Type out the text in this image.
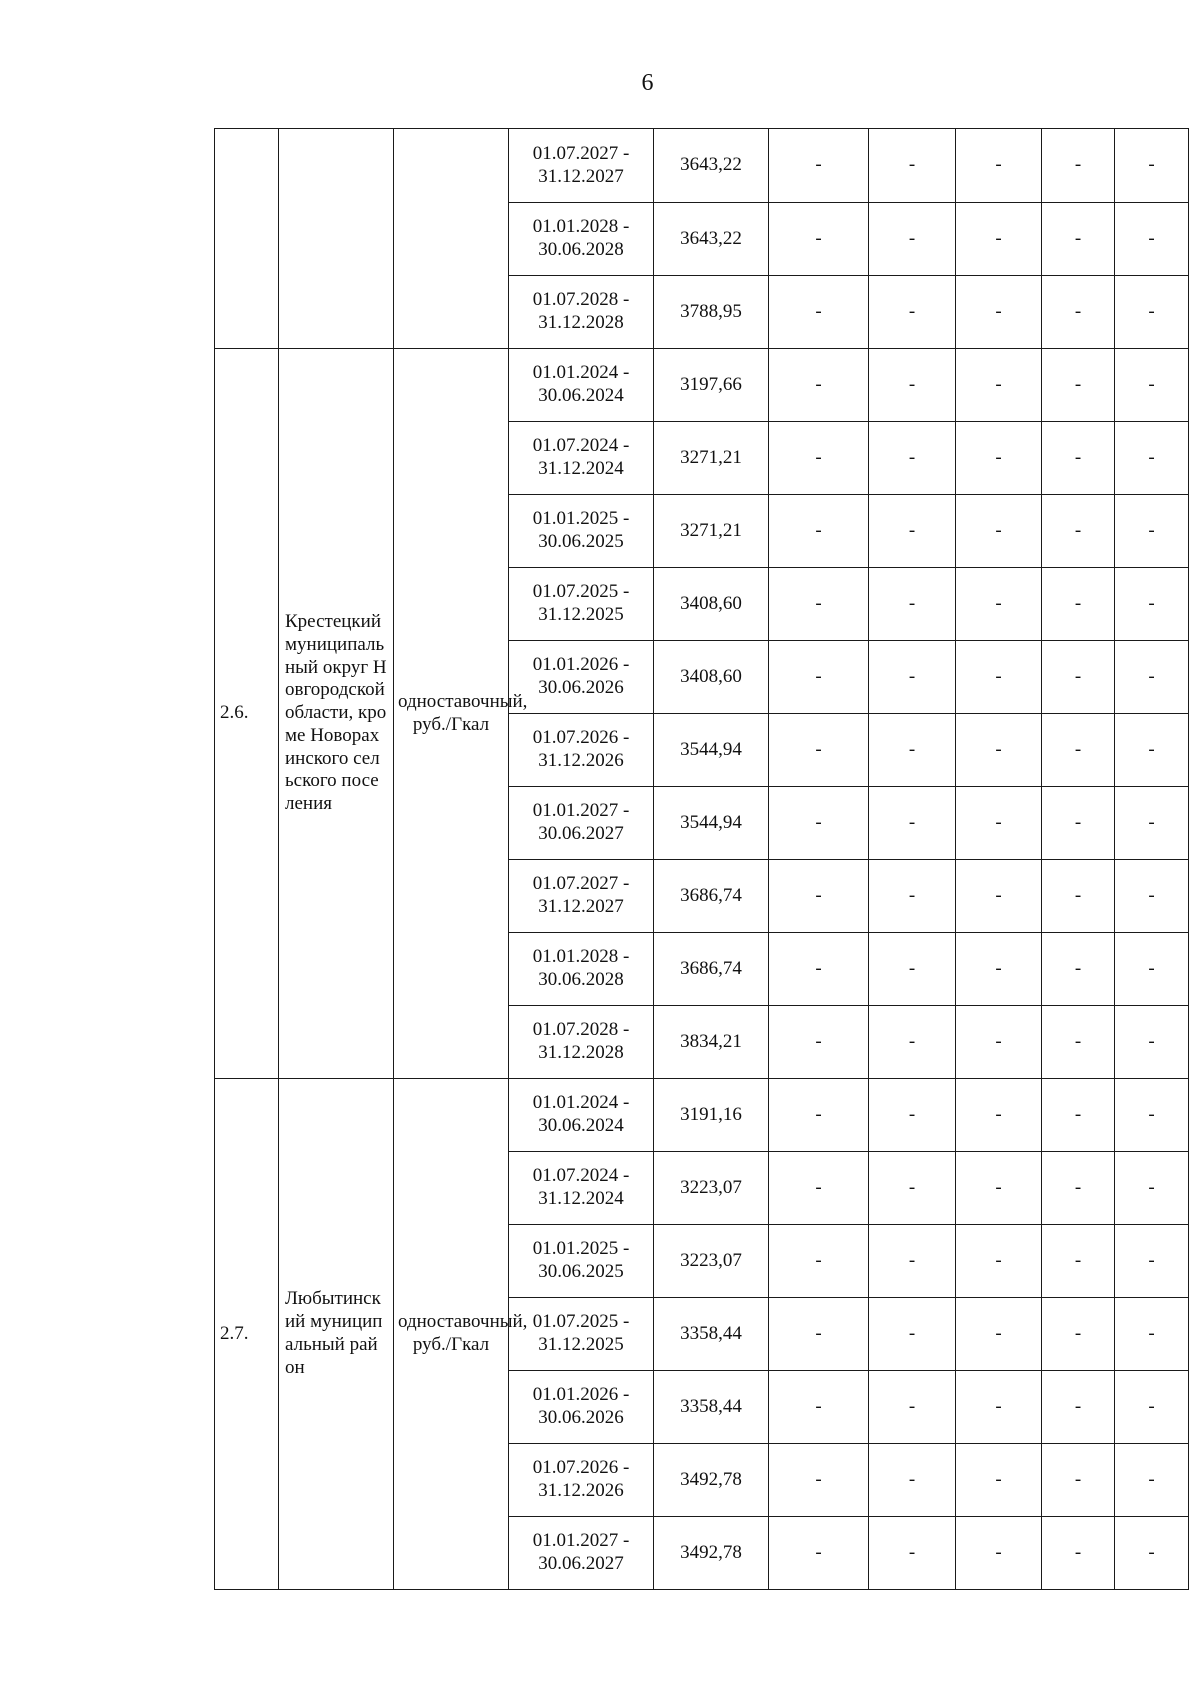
6

			01.07.2027 -
31.12.2027	3643,22	-	-	-	-	-

			01.01.2028 -
30.06.2028	3643,22	-	-	-	-	-

			01.07.2028 -
31.12.2028	3788,95	-	-	-	-	-
2.6.	Крестецкий муниципальный округ Новгородской области, кроме Новорахинского сельского поселения	одноставочный, руб./Гкал	01.01.2024 -
30.06.2024	3197,66	-	-	-	-	-

			01.07.2024 -
31.12.2024	3271,21	-	-	-	-	-

			01.01.2025 -
30.06.2025	3271,21	-	-	-	-	-

			01.07.2025 -
31.12.2025	3408,60	-	-	-	-	-

			01.01.2026 -
30.06.2026	3408,60	-	-	-	-	-

			01.07.2026 -
31.12.2026	3544,94	-	-	-	-	-

			01.01.2027 -
30.06.2027	3544,94	-	-	-	-	-

			01.07.2027 -
31.12.2027	3686,74	-	-	-	-	-

			01.01.2028 -
30.06.2028	3686,74	-	-	-	-	-

			01.07.2028 -
31.12.2028	3834,21	-	-	-	-	-
2.7.	Любытинский муниципальный район	одноставочный, руб./Гкал	01.01.2024 -
30.06.2024	3191,16	-	-	-	-	-

			01.07.2024 -
31.12.2024	3223,07	-	-	-	-	-

			01.01.2025 -
30.06.2025	3223,07	-	-	-	-	-

			01.07.2025 -
31.12.2025	3358,44	-	-	-	-	-

			01.01.2026 -
30.06.2026	3358,44	-	-	-	-	-

			01.07.2026 -
31.12.2026	3492,78	-	-	-	-	-

			01.01.2027 -
30.06.2027	3492,78	-	-	-	-	-
